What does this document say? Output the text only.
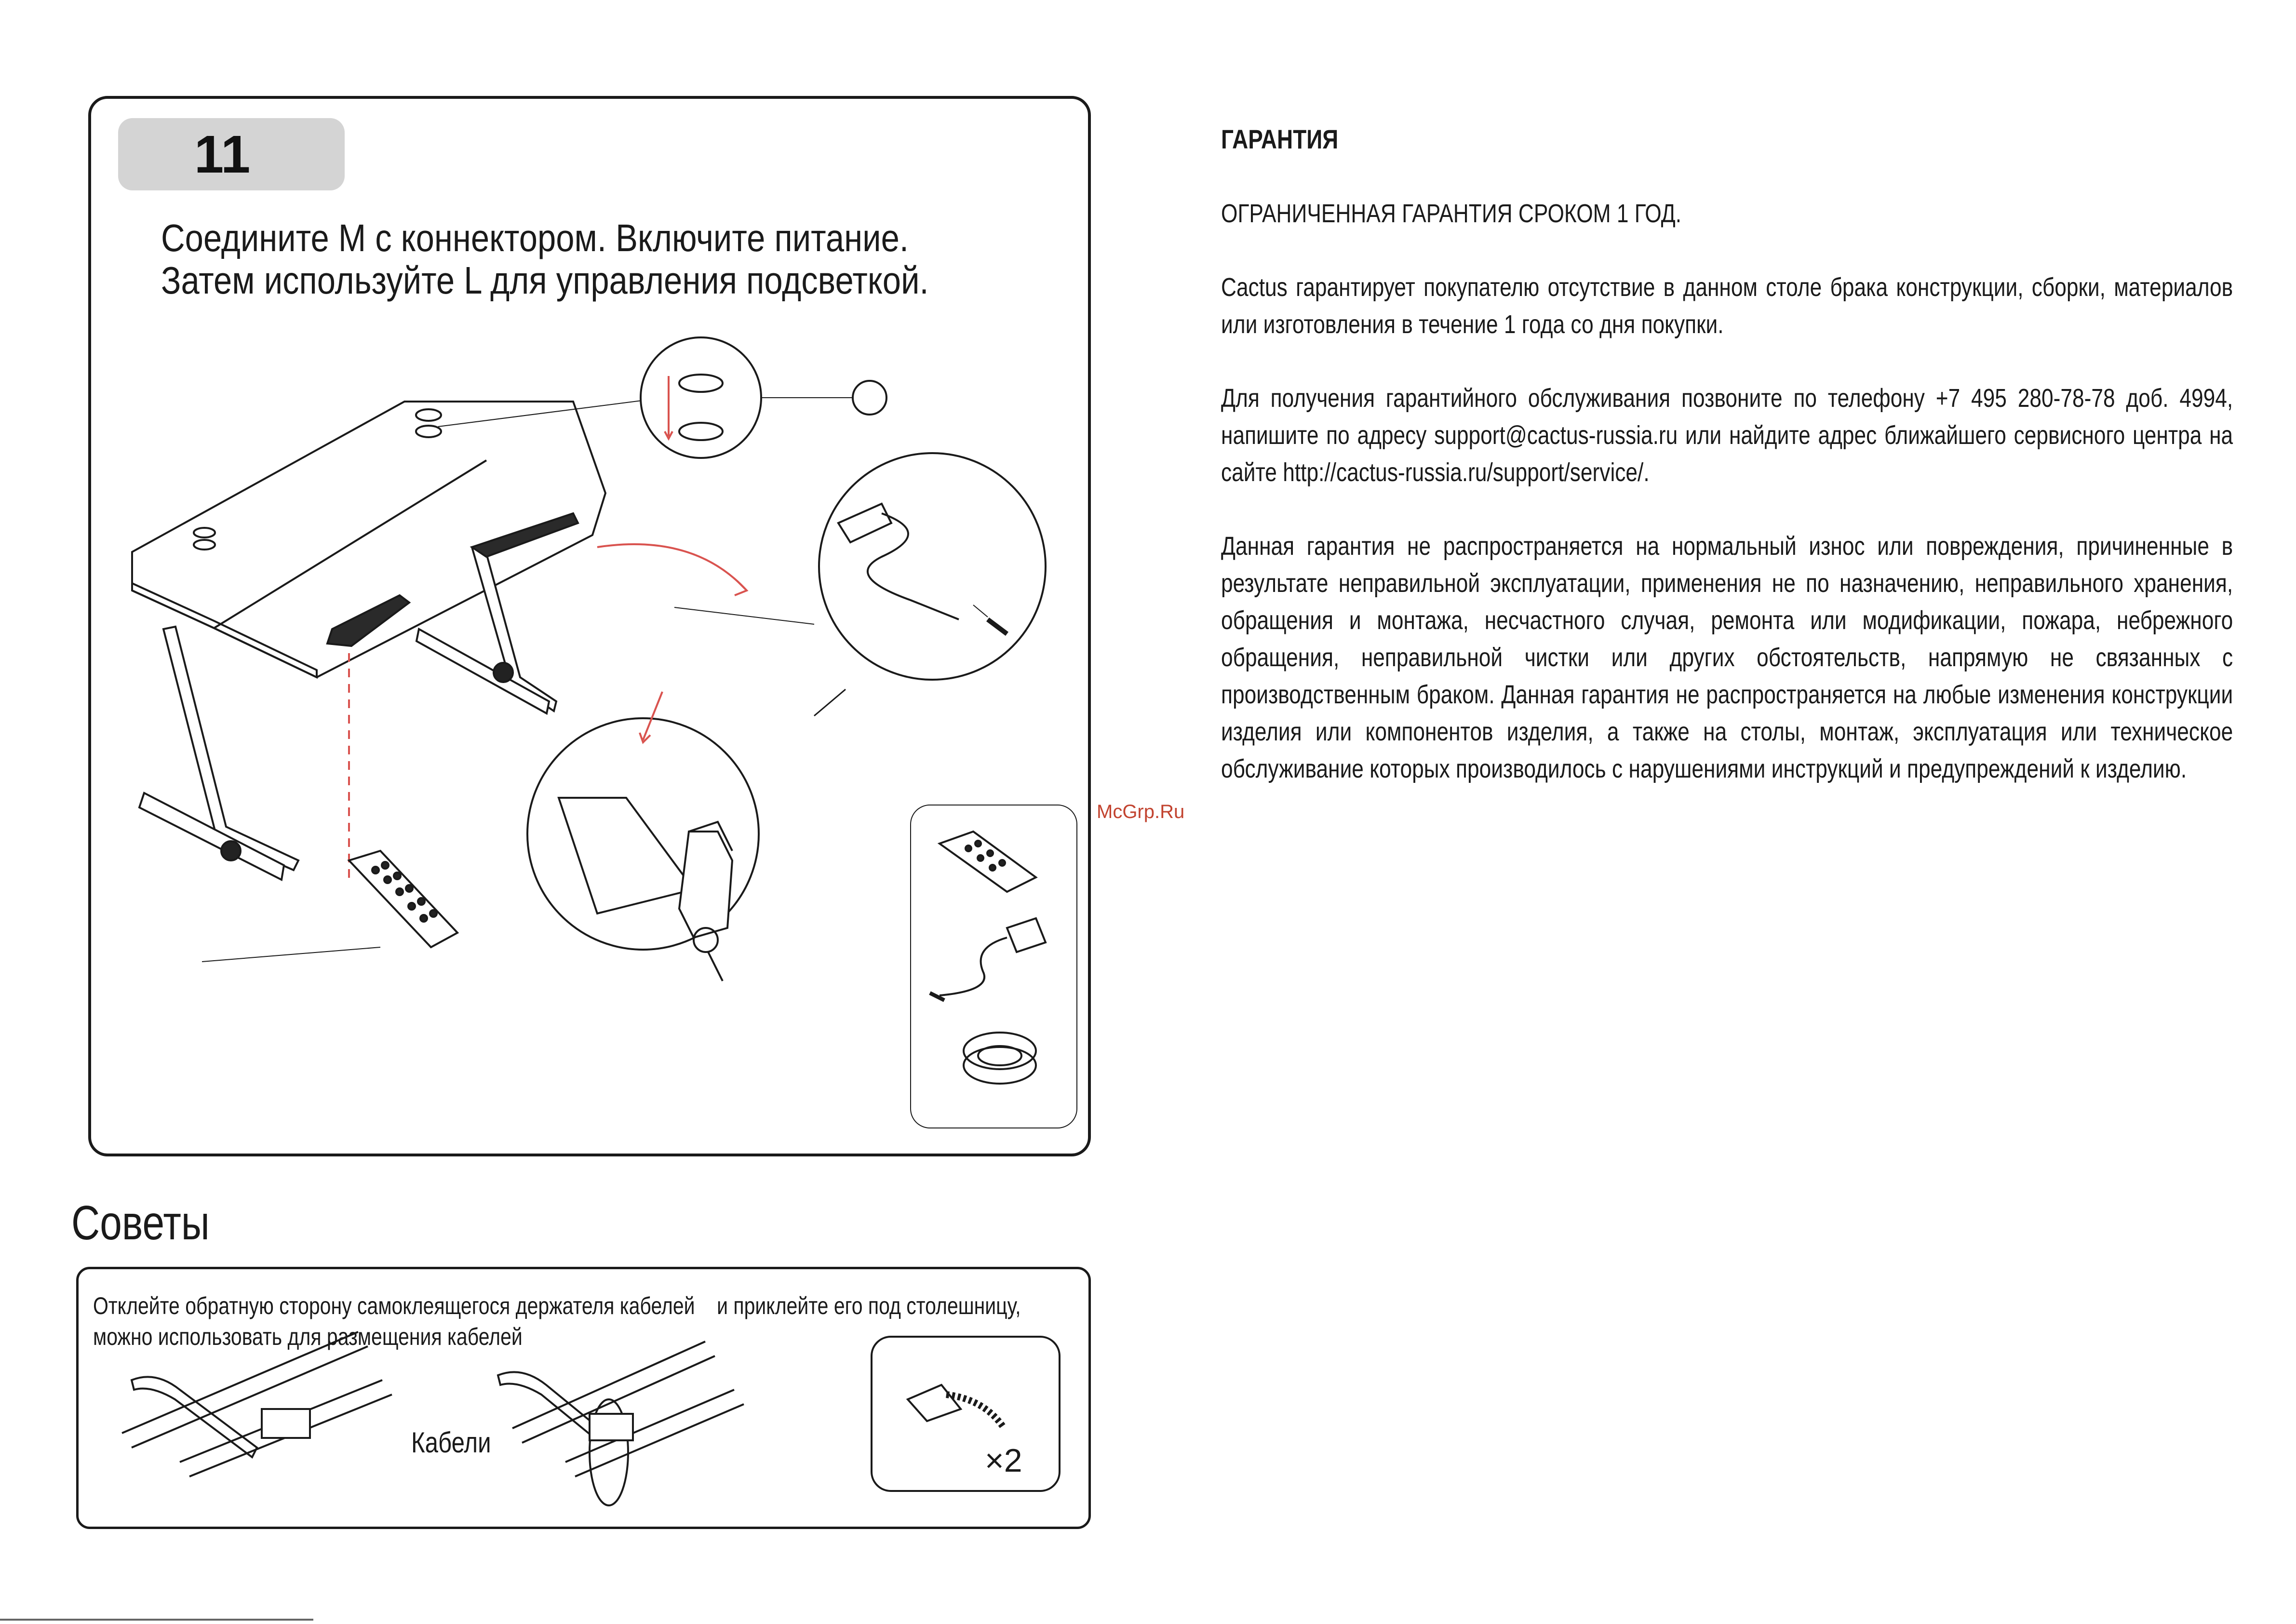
11
Соедините M с коннектором. Включите питание.
Затем используйте L для управления подсветкой.
Советы
Отклейте обратную сторону самоклеящегося держателя кабелей и приклейте его под столешницу,
можно использовать для размещения кабелей
Кабели	×2
McGrp.Ru
ГАРАНТИЯ

ОГРАНИЧЕННАЯ ГАРАНТИЯ СРОКОМ 1 ГОД.

Cactus гарантирует покупателю отсутствие в данном столе брака конструкции, сборки, материалов или изготовления в течение 1 года со дня покупки.

Для получения гарантийного обслуживания позвоните по телефону +7 495 280-78-78 доб. 4994, напишите по адресу support@cactus-russia.ru или найдите адрес ближайшего сервисного центра на сайте http://cactus-russia.ru/support/service/.

Данная гарантия не распространяется на нормальный износ или повреждения, причиненные в результате неправильной эксплуатации, применения не по назначению, неправильного хранения, обращения и монтажа, несчастного случая, ремонта или модификации, пожара, небрежного обращения, неправильной чистки или других обстоятельств, напрямую не связанных с производственным браком. Данная гарантия не распространяется на любые изменения конструкции изделия или компонентов изделия, а также на столы, монтаж, эксплуатация или техническое обслуживание которых производилось с нарушениями инструкций и предупреждений к изделию.
